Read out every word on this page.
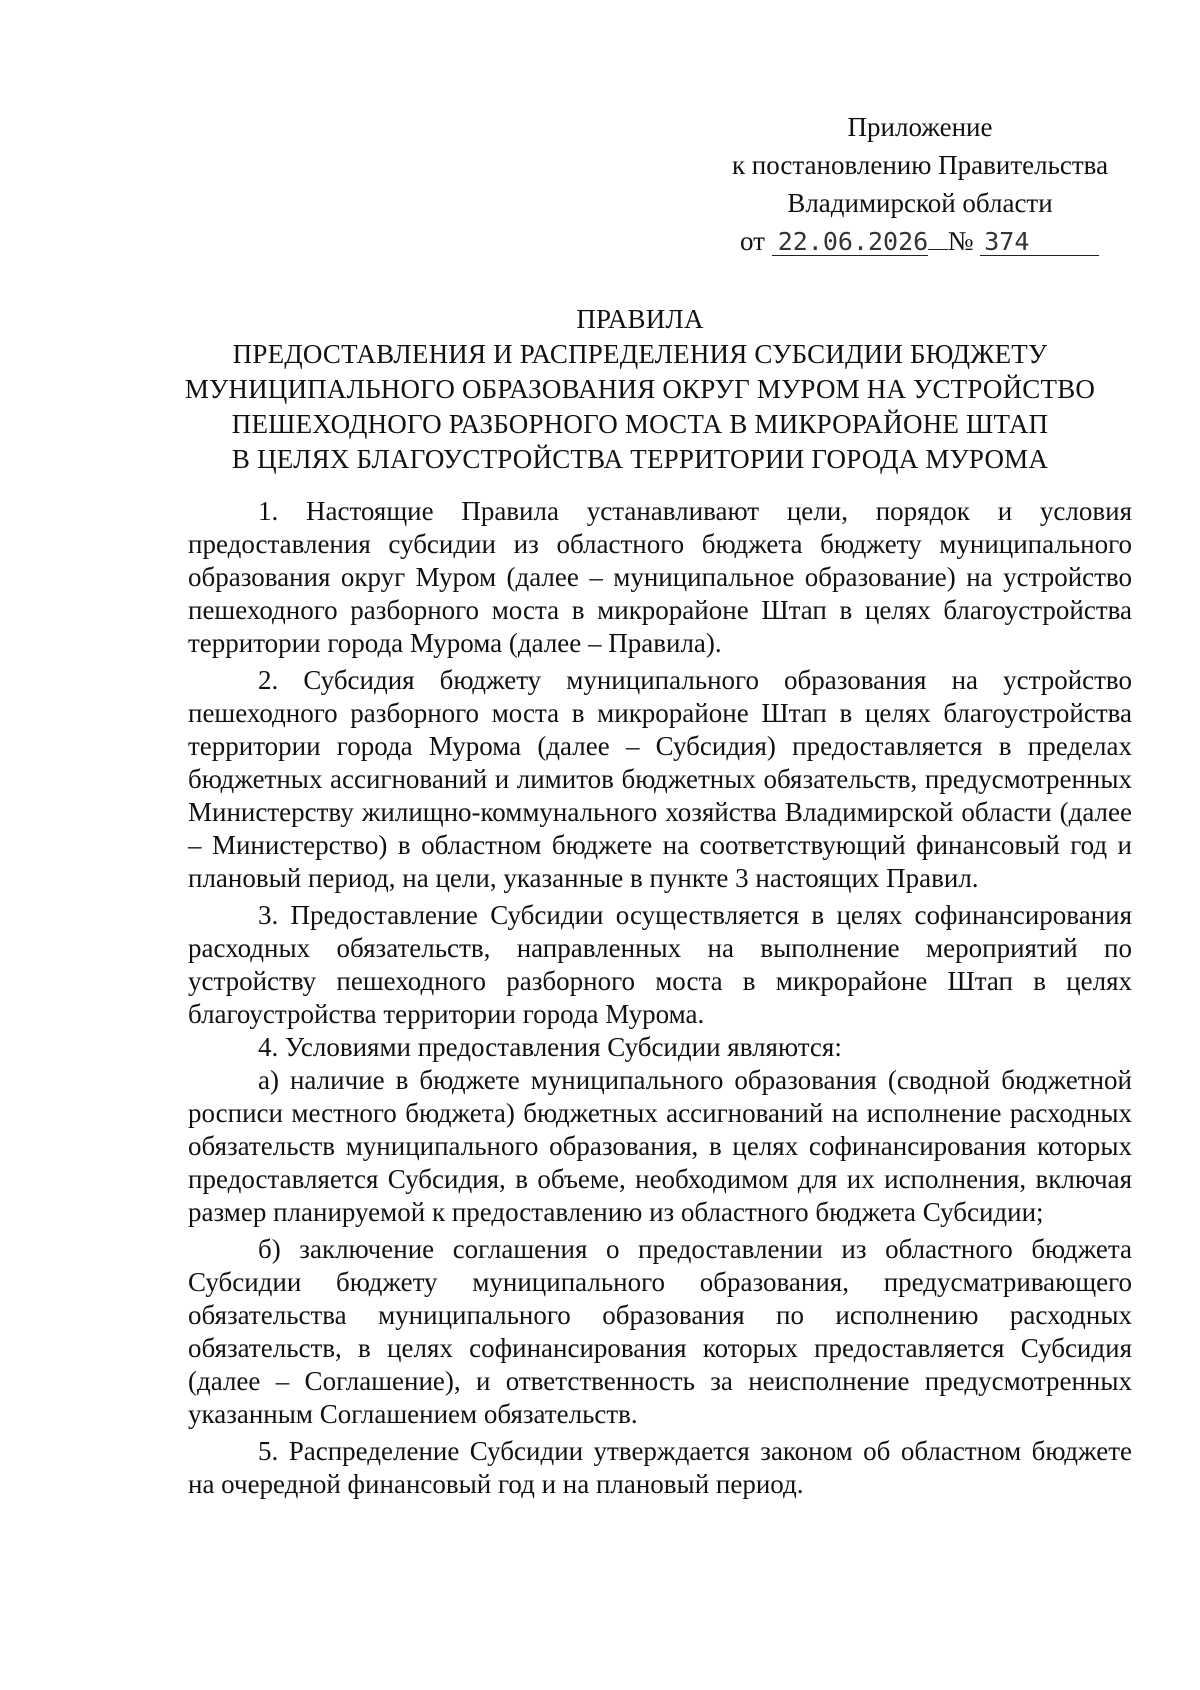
Приложение
к постановлению Правительства
Владимирской области
от 22.06.2026 № 374
ПРАВИЛА
ПРЕДОСТАВЛЕНИЯ И РАСПРЕДЕЛЕНИЯ СУБСИДИИ БЮДЖЕТУ
МУНИЦИПАЛЬНОГО ОБРАЗОВАНИЯ ОКРУГ МУРОМ НА УСТРОЙСТВО
ПЕШЕХОДНОГО РАЗБОРНОГО МОСТА В МИКРОРАЙОНЕ ШТАП
В ЦЕЛЯХ БЛАГОУСТРОЙСТВА ТЕРРИТОРИИ ГОРОДА МУРОМА

1. Настоящие Правила устанавливают цели, порядок и условия предоставления субсидии из областного бюджета бюджету муниципального образования округ Муром (далее – муниципальное образование) на устройство пешеходного разборного моста в микрорайоне Штап в целях благоустройства территории города Мурома (далее – Правила).

2. Субсидия бюджету муниципального образования на устройство пешеходного разборного моста в микрорайоне Штап в целях благоустройства территории города Мурома (далее – Субсидия) предоставляется в пределах бюджетных ассигнований и лимитов бюджетных обязательств, предусмотренных Министерству жилищно-коммунального хозяйства Владимирской области (далее – Министерство) в областном бюджете на соответствующий финансовый год и плановый период, на цели, указанные в пункте 3 настоящих Правил.

3. Предоставление Субсидии осуществляется в целях софинансирования расходных обязательств, направленных на выполнение мероприятий по устройству пешеходного разборного моста в микрорайоне Штап в целях благоустройства территории города Мурома.

4. Условиями предоставления Субсидии являются:

а) наличие в бюджете муниципального образования (сводной бюджетной росписи местного бюджета) бюджетных ассигнований на исполнение расходных обязательств муниципального образования, в целях софинансирования которых предоставляется Субсидия, в объеме, необходимом для их исполнения, включая размер планируемой к предоставлению из областного бюджета Субсидии;

б) заключение соглашения о предоставлении из областного бюджета Субсидии бюджету муниципального образования, предусматривающего обязательства муниципального образования по исполнению расходных обязательств, в целях софинансирования которых предоставляется Субсидия (далее – Соглашение), и ответственность за неисполнение предусмотренных указанным Соглашением обязательств.

5. Распределение Субсидии утверждается законом об областном бюджете на очередной финансовый год и на плановый период.
